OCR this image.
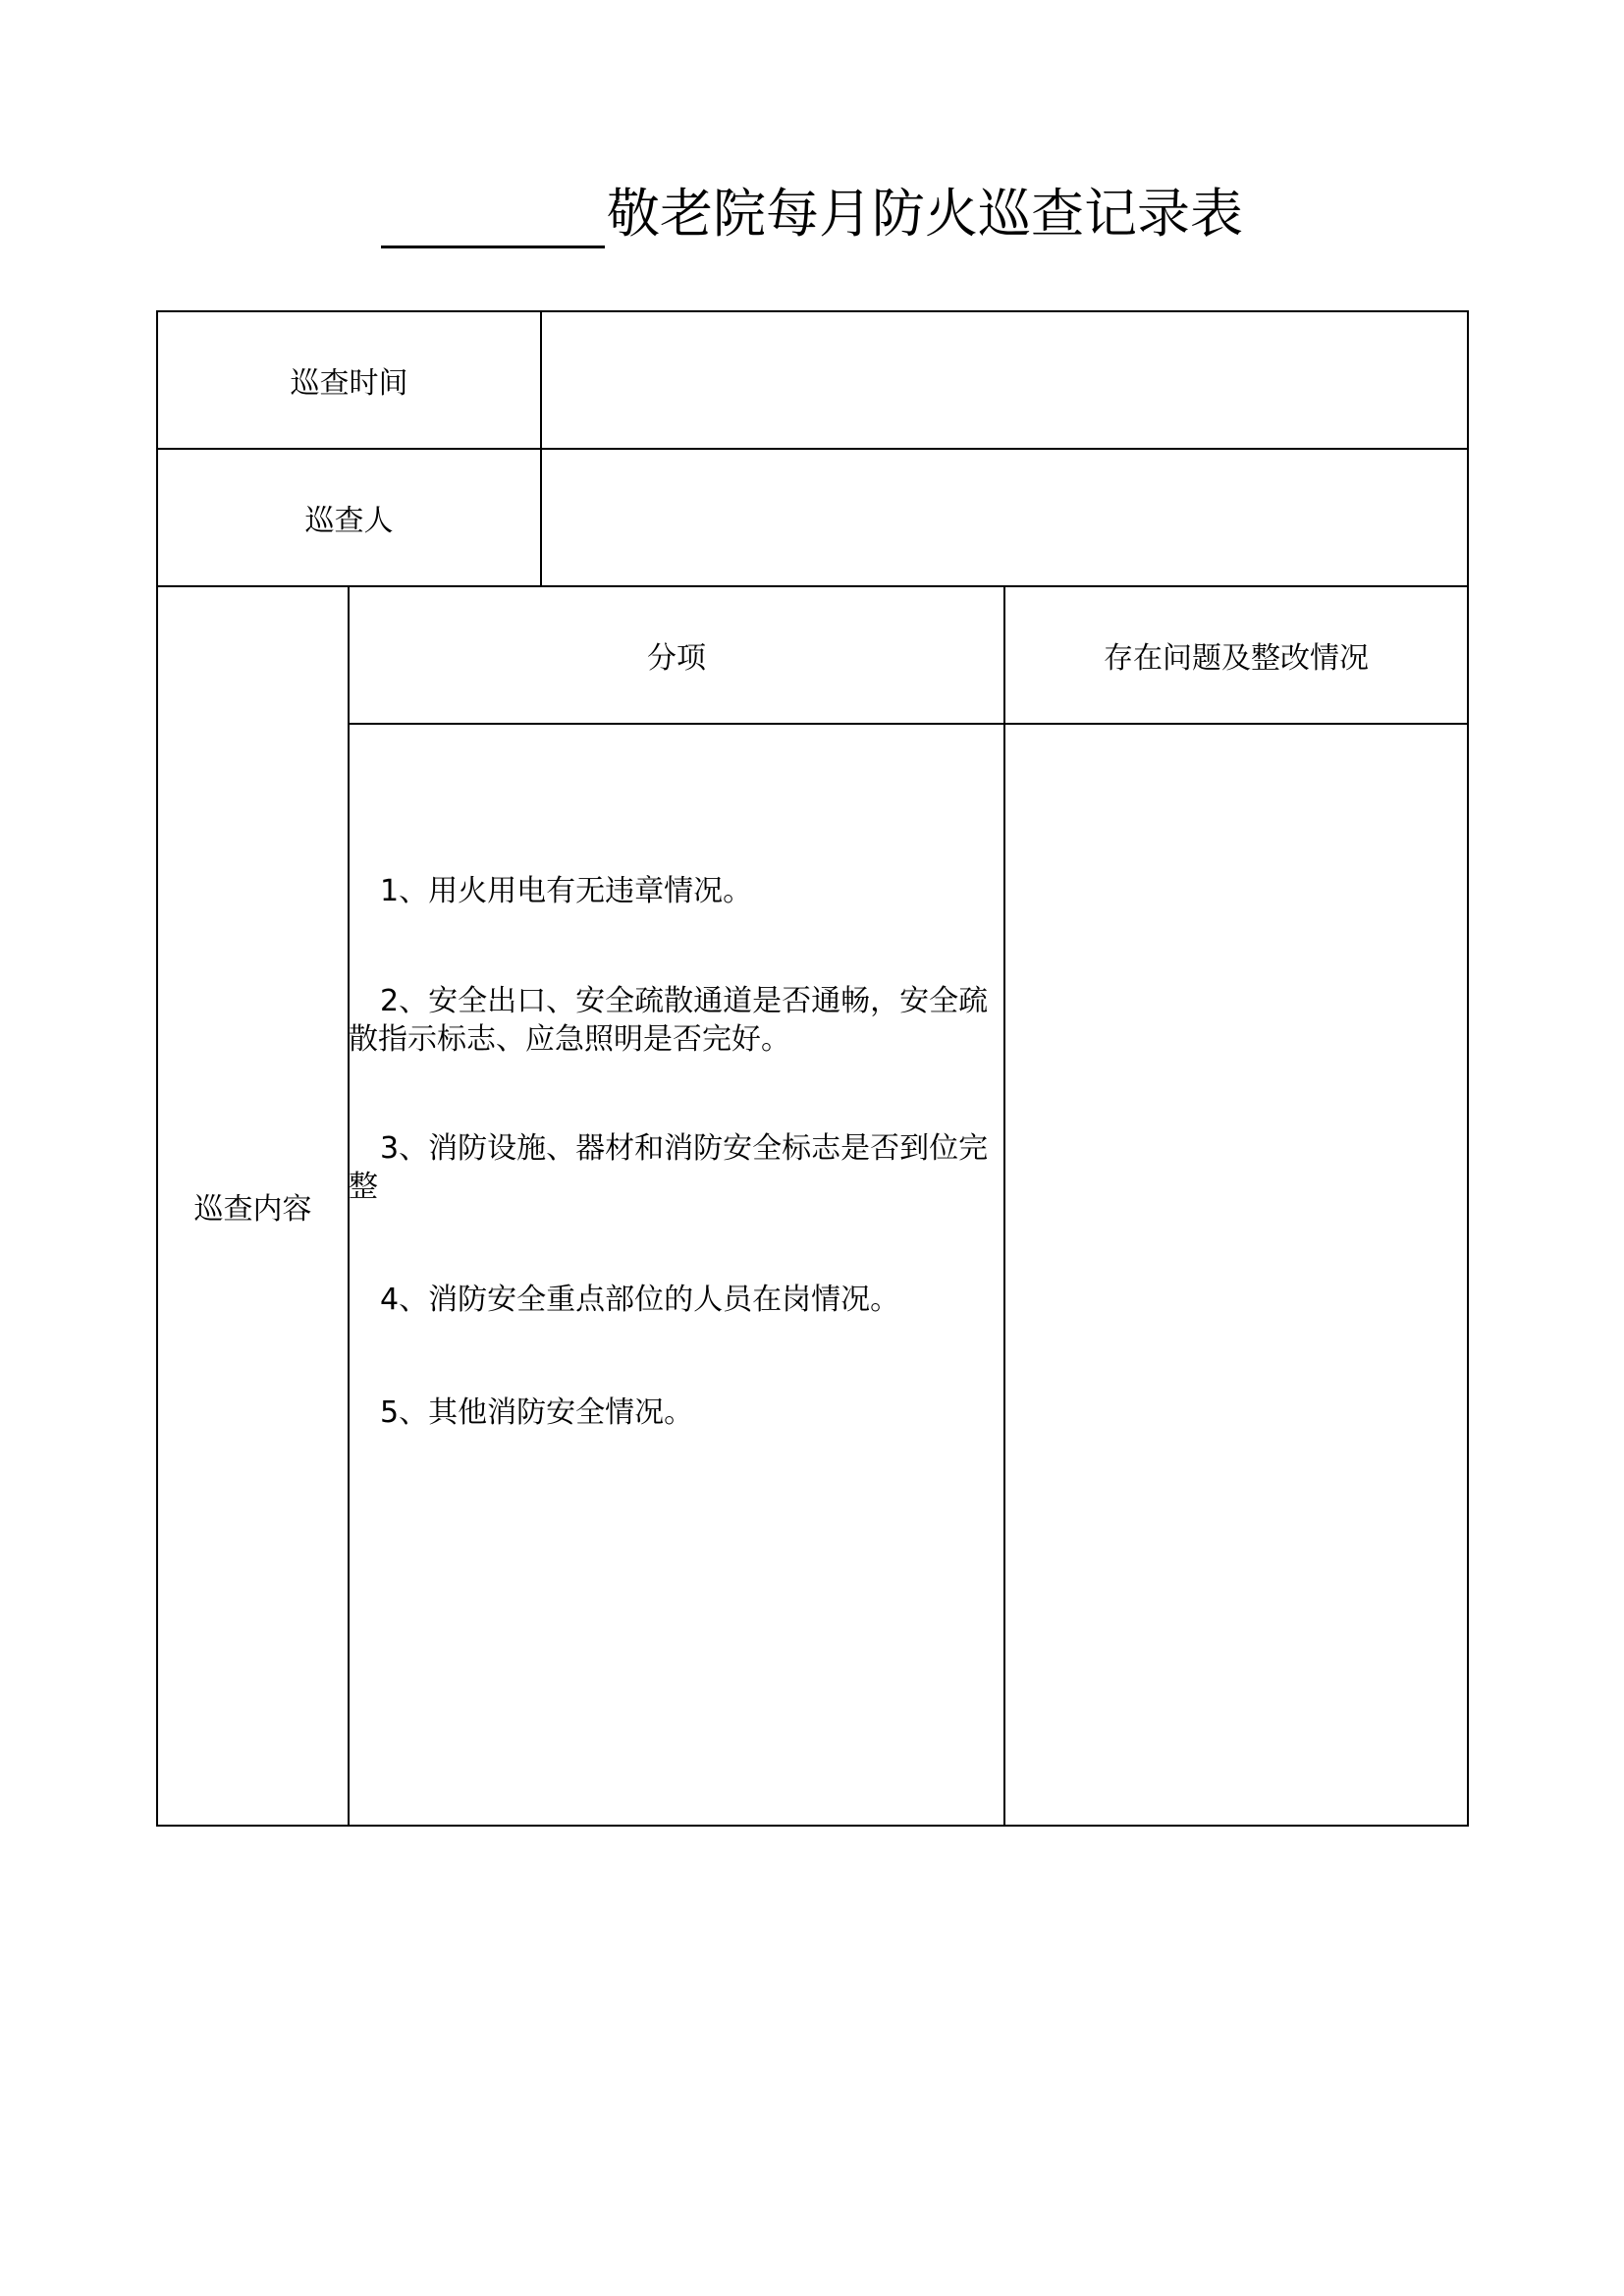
敬老院每月防火巡查记录表
巡查时间
巡查人
巡查内容
分项	存在问题及整改情况

1、用火用电有无违章情况。

2、安全出口、安全疏散通道是否通畅，安全疏散指示标志、应急照明是否完好。

3、消防设施、器材和消防安全标志是否到位完整

4、消防安全重点部位的人员在岗情况。

5、其他消防安全情况。
